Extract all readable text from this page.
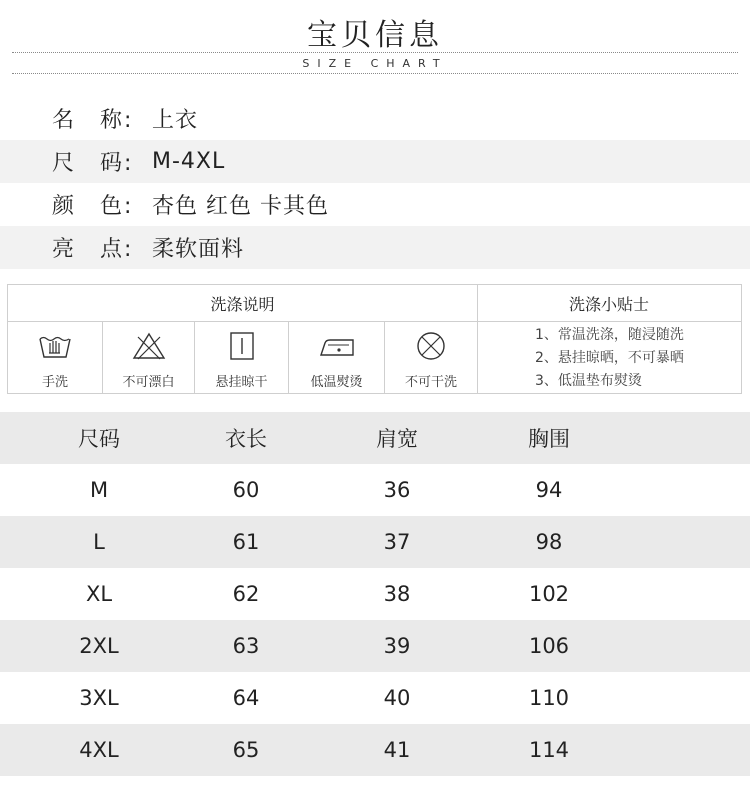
宝贝信息
SIZE CHART
名　称: 上衣
尺　码: M-4XL
颜　色: 杏色 红色 卡其色
亮　点: 柔软面料
洗涤说明	洗涤小贴士
手洗	不可漂白	悬挂晾干	低温熨烫	不可干洗
1、常温洗涤，随浸随洗
2、悬挂晾晒，不可暴晒
3、低温垫布熨烫
尺码	衣长	肩宽	胸围
M	60	36	94
L	61	37	98
XL	62	38	102
2XL	63	39	106
3XL	64	40	110
4XL	65	41	114
